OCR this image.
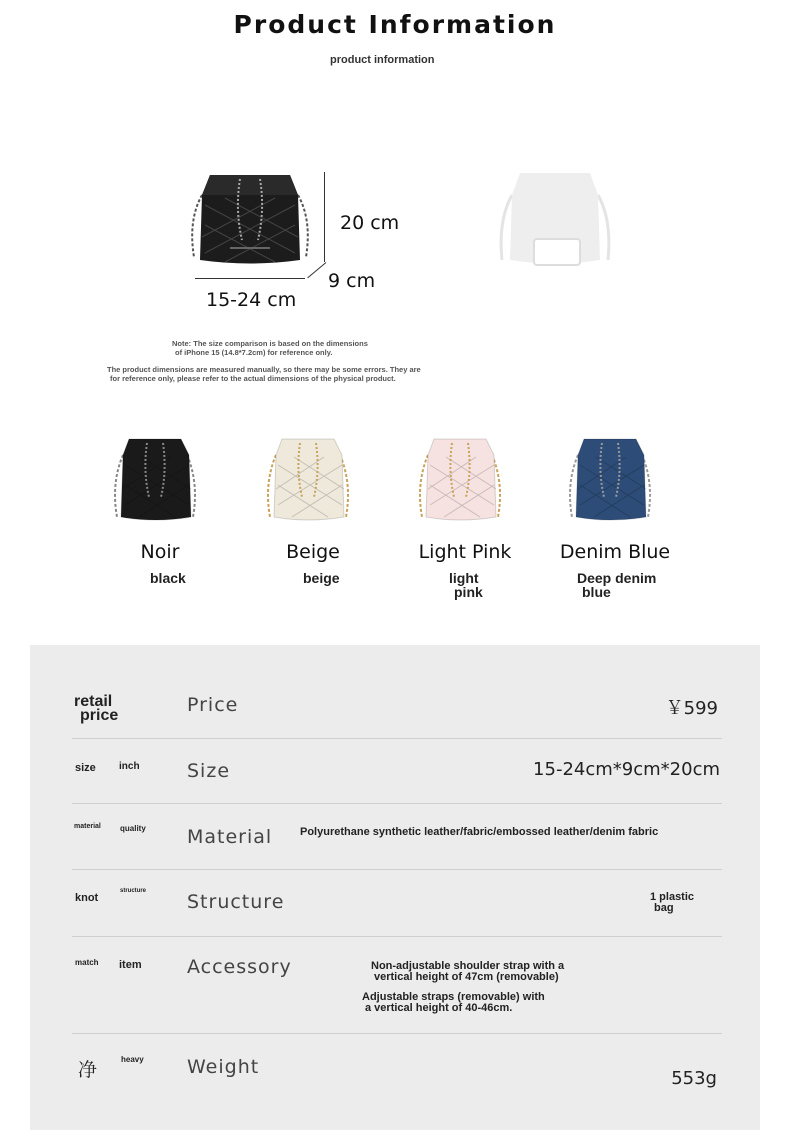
Product Information
product information
20 cm
9 cm
15-24 cm
Note: The size comparison is based on the dimensions
of iPhone 15 (14.8*7.2cm) for reference only.
The product dimensions are measured manually, so there may be some errors. They are
for reference only, please refer to the actual dimensions of the physical product.
Noir
black
Beige
beige
Light Pink
light
pink
Denim Blue
Deep denim
blue
retail
price	Price	￥599
size inch Size	15-24cm*9cm*20cm
material quality Material	Polyurethane synthetic leather/fabric/embossed leather/denim fabric
knot
structure Structure	1 plastic
bag
match item Accessory	Non-adjustable shoulder strap with a
vertical height of 47cm (removable)
Adjustable straps (removable) with
a vertical height of 40-46cm.
净	heavy Weight
553g
